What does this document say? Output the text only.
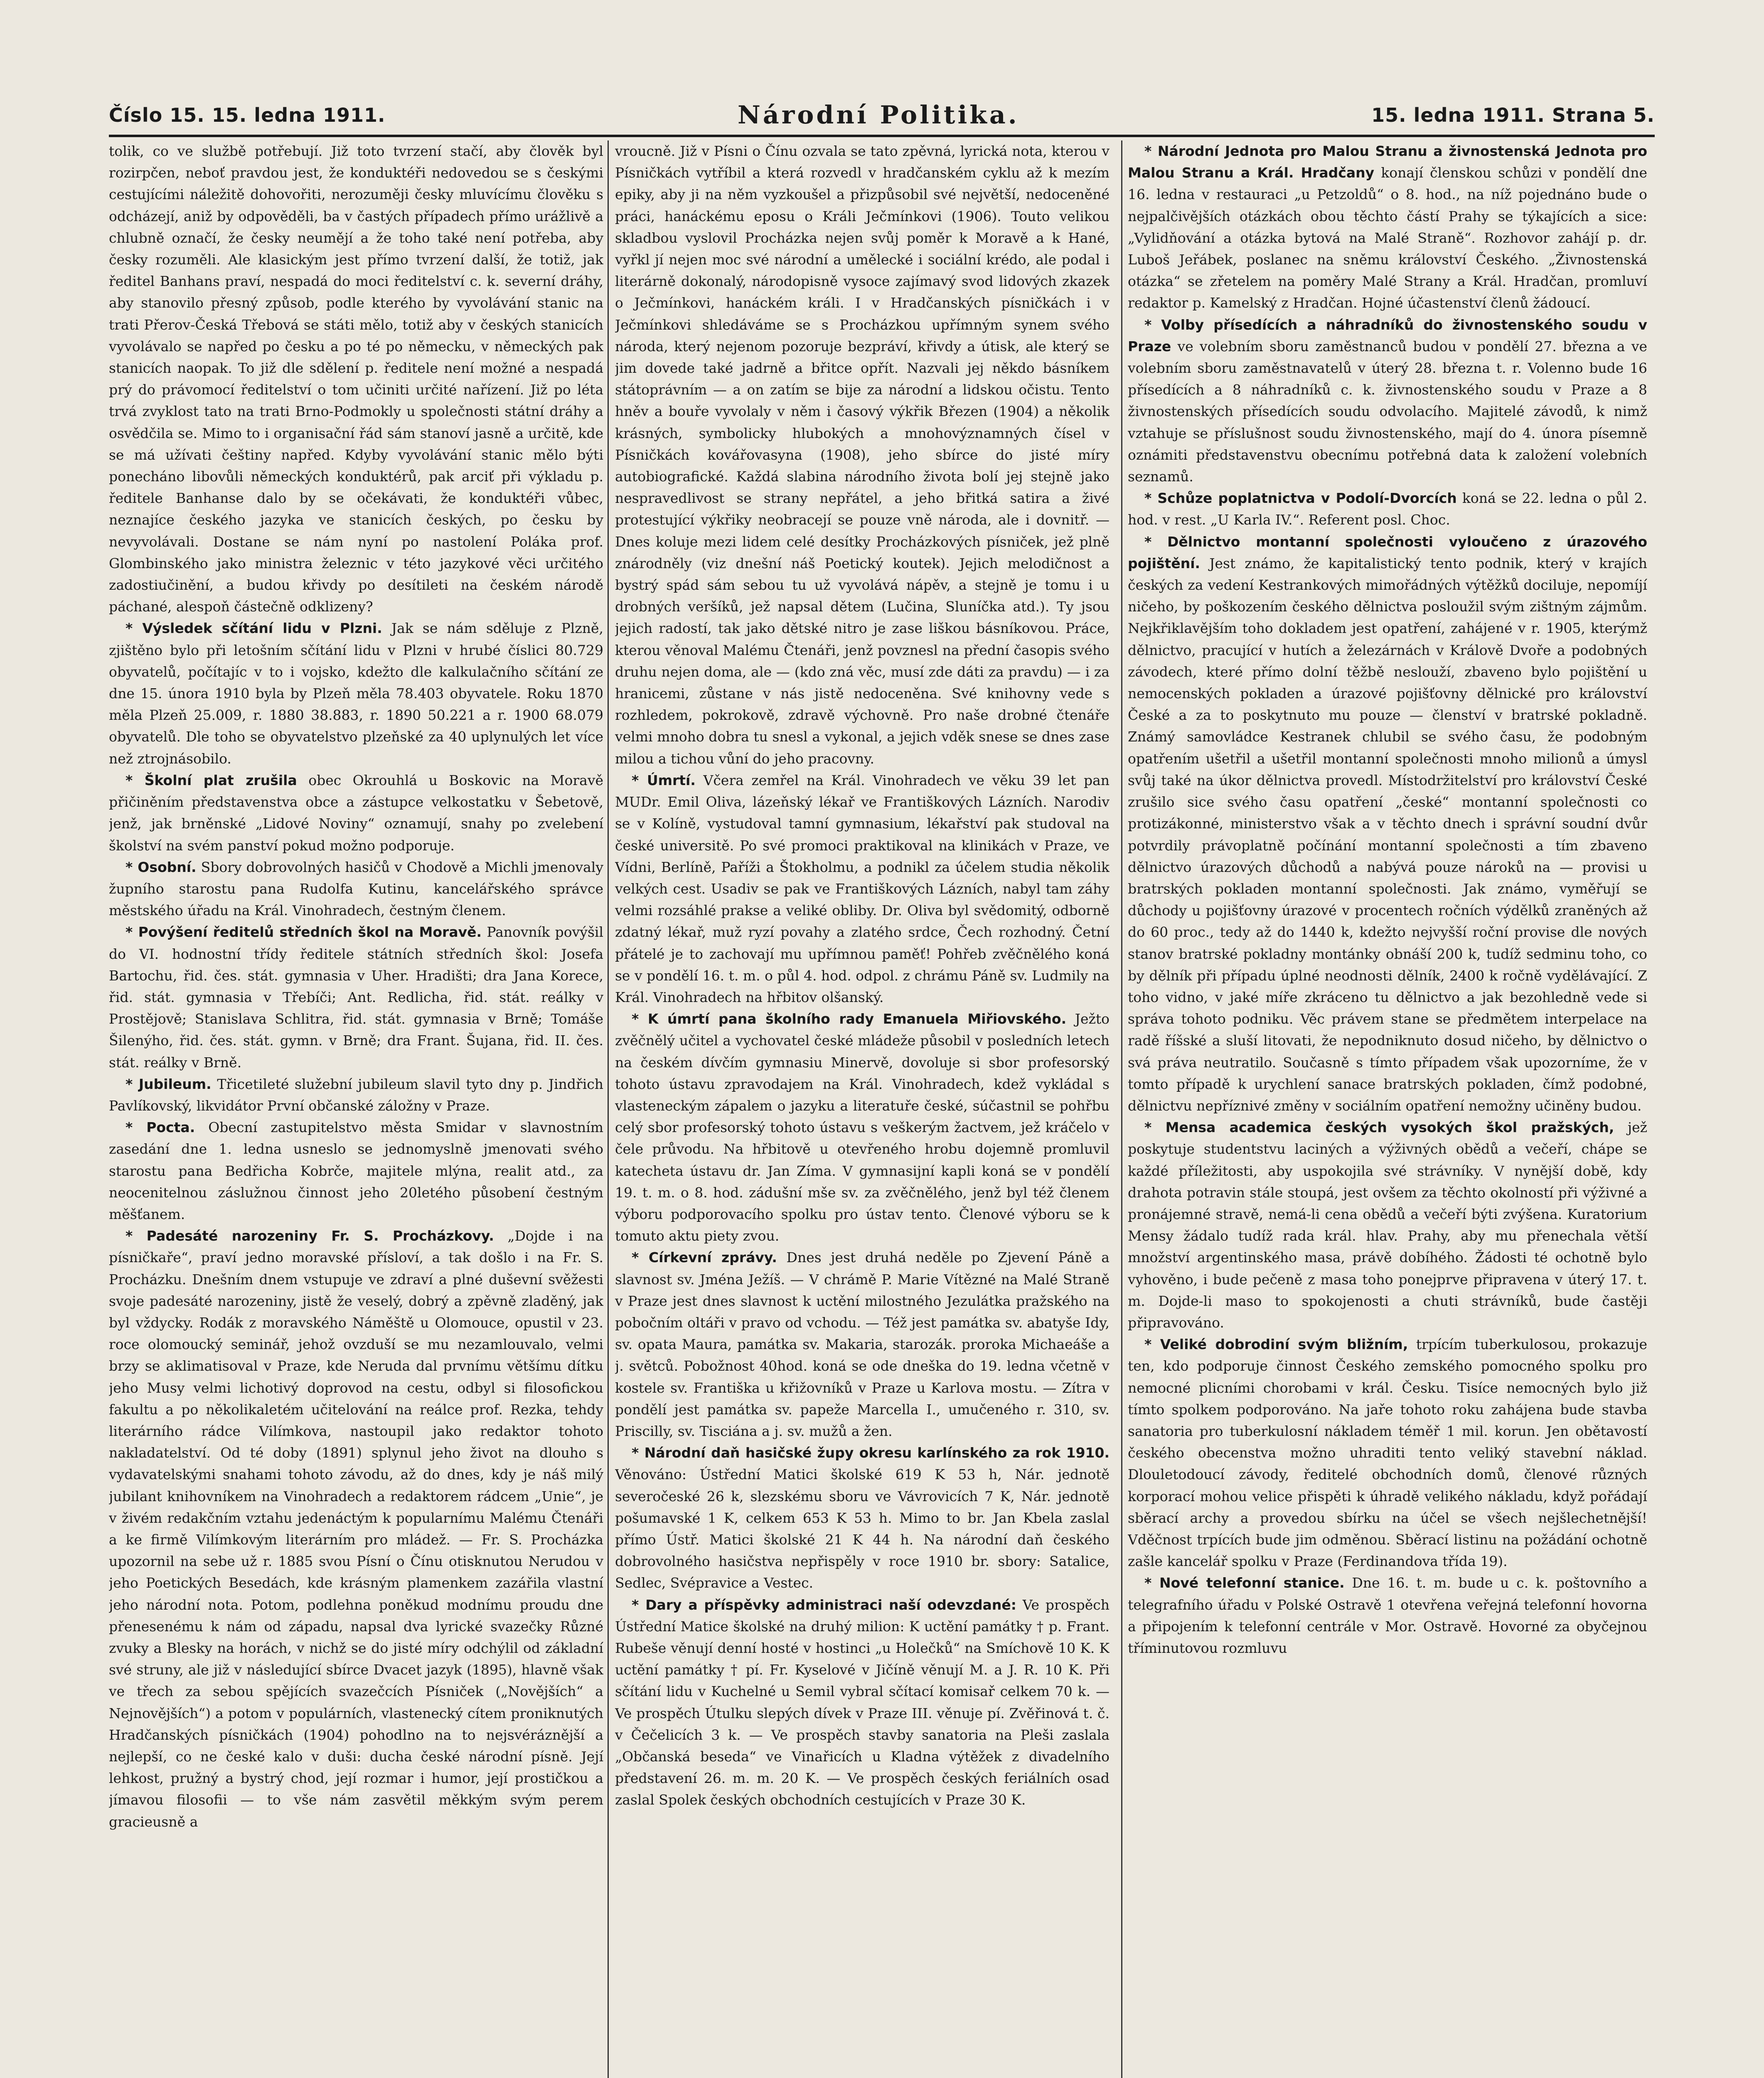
Číslo 15. 15. ledna 1911.	Národní Politika.	15. ledna 1911. Strana 5.

tolik, co ve službě potřebují. Již toto tvrzení stačí, aby člověk byl rozirpčen, neboť pravdou jest, že konduktéři nedovedou se s českými cestujícími náležitě dohovořiti, nerozuměji česky mluvícímu člověku s odcházejí, aniž by odpověděli, ba v častých případech přímo urážlivě a chlubně označí, že česky neumějí a že toho také není potřeba, aby česky rozuměli. Ale klasickým jest přímo tvrzení další, že totiž, jak ředitel Banhans praví, nespadá do moci ředitelství c. k. severní dráhy, aby stanovilo přesný způsob, podle kterého by vyvolávání stanic na trati Přerov-Česká Třebová se státi mělo, totiž aby v českých stanicích vyvolávalo se napřed po česku a po té po německu, v německých pak stanicích naopak. To již dle sdělení p. ředitele není možné a nespadá prý do právomocí ředitelství o tom učiniti určité nařízení. Již po léta trvá zvyklost tato na trati Brno-Podmokly u společnosti státní dráhy a osvědčila se. Mimo to i organisační řád sám stanoví jasně a určitě, kde se má užívati češtiny napřed. Kdyby vyvolávání stanic mělo býti ponecháno libovůli německých konduktérů, pak arciť při výkladu p. ředitele Banhanse dalo by se očekávati, že konduktéři vůbec, neznajíce českého jazyka ve stanicích českých, po česku by nevyvolávali. Dostane se nám nyní po nastolení Poláka prof. Glombinského jako ministra železnic v této jazykové věci určitého zadostiučinění, a budou křivdy po desítileti na českém národě páchané, alespoň částečně odklizeny?

* Výsledek sčítání lidu v Plzni. Jak se nám sděluje z Plzně, zjištěno bylo při letošním sčítání lidu v Plzni v hrubé číslici 80.729 obyvatelů, počítajíc v to i vojsko, kdežto dle kalkulačního sčítání ze dne 15. února 1910 byla by Plzeň měla 78.403 obyvatele. Roku 1870 měla Plzeň 25.009, r. 1880 38.883, r. 1890 50.221 a r. 1900 68.079 obyvatelů. Dle toho se obyvatelstvo plzeňské za 40 uplynulých let více než ztrojnásobilo.

* Školní plat zrušila obec Okrouhlá u Boskovic na Moravě přičiněním představenstva obce a zástupce velkostatku v Šebetově, jenž, jak brněnské „Lidové Noviny“ oznamují, snahy po zvelebení školství na svém panství pokud možno podporuje.

* Osobní. Sbory dobrovolných hasičů v Chodově a Michli jmenovaly župního starostu pana Rudolfa Kutinu, kancelářského správce městského úřadu na Král. Vinohradech, čestným členem.

* Povýšení ředitelů středních škol na Moravě. Panovník povýšil do VI. hodnostní třídy ředitele státních středních škol: Josefa Bartochu, řid. čes. stát. gymnasia v Uher. Hradišti; dra Jana Korece, řid. stát. gymnasia v Třebíči; Ant. Redlicha, řid. stát. reálky v Prostějově; Stanislava Schlitra, řid. stát. gymnasia v Brně; Tomáše Šilenýho, řid. čes. stát. gymn. v Brně; dra Frant. Šujana, řid. II. čes. stát. reálky v Brně.

* Jubileum. Třicetileté služební jubileum slavil tyto dny p. Jindřich Pavlíkovský, likvidátor První občanské záložny v Praze.

* Pocta. Obecní zastupitelstvo města Smidar v slavnostním zasedání dne 1. ledna usneslo se jednomyslně jmenovati svého starostu pana Bedřicha Kobrče, majitele mlýna, realit atd., za neocenitelnou záslužnou činnost jeho 20letého působení čestným měšťanem.

* Padesáté narozeniny Fr. S. Procházkovy. „Dojde i na písničkaře“, praví jedno moravské přísloví, a tak došlo i na Fr. S. Procházku. Dnešním dnem vstupuje ve zdraví a plné duševní svěžesti svoje padesáté narozeniny, jistě že veselý, dobrý a zpěvně zladěný, jak byl vždycky. Rodák z moravského Náměště u Olomouce, opustil v 23. roce olomoucký seminář, jehož ovzduší se mu nezamlouvalo, velmi brzy se aklimatisoval v Praze, kde Neruda dal prvnímu většímu dítku jeho Musy velmi lichotivý doprovod na cestu, odbyl si filosofickou fakultu a po několikaletém učitelování na reálce prof. Rezka, tehdy literárního rádce Vilímkova, nastoupil jako redaktor tohoto nakladatelství. Od té doby (1891) splynul jeho život na dlouho s vydavatelskými snahami tohoto závodu, až do dnes, kdy je náš milý jubilant knihovníkem na Vinohradech a redaktorem rádcem „Unie“, je v živém redakčním vztahu jedenáctým k popularnímu Malému Čtenáři a ke firmě Vilímkovým literárním pro mládež. — Fr. S. Procházka upozornil na sebe už r. 1885 svou Písní o Čínu otisknutou Nerudou v jeho Poetických Besedách, kde krásným plamenkem zazářila vlastní jeho národní nota. Potom, podlehna poněkud modnímu proudu dne přenesenému k nám od západu, napsal dva lyrické svazečky Různé zvuky a Blesky na horách, v nichž se do jisté míry odchýlil od základní své struny, ale již v následující sbírce Dvacet jazyk (1895), hlavně však ve třech za sebou spějících svazečcích Písniček („Novějších“ a Nejnovějších“) a potom v populárních, vlastenecký cítem proniknutých Hradčanských písničkách (1904) pohodlno na to nejsvéráznější a nejlepší, co ne české kalo v duši: ducha české národní písně. Její lehkost, pružný a bystrý chod, její rozmar i humor, její prostičkou a jímavou filosofii — to vše nám zasvětil měkkým svým perem gracieusně a

vroucně. Již v Písni o Čínu ozvala se tato zpěvná, lyrická nota, kterou v Písničkách vytříbil a která rozvedl v hradčanském cyklu až k mezím epiky, aby ji na něm vyzkoušel a přizpůsobil své největší, nedoceněné práci, hanáckému eposu o Králi Ječmínkovi (1906). Touto velikou skladbou vyslovil Procházka nejen svůj poměr k Moravě a k Hané, vyřkl jí nejen moc své národní a umělecké i sociální krédo, ale podal i literárně dokonalý, národopisně vysoce zajímavý svod lidových zkazek o Ječmínkovi, hanáckém králi. I v Hradčanských písničkách i v Ječmínkovi shledáváme se s Procházkou upřímným synem svého národa, který nejenom pozoruje bezpráví, křivdy a útisk, ale který se jim dovede také jadrně a břitce opřít. Nazvali jej někdo básníkem státoprávním — a on zatím se bije za národní a lidskou očistu. Tento hněv a bouře vyvolaly v něm i časový výkřik Březen (1904) a několik krásných, symbolicky hlubokých a mnohovýznamných čísel v Písničkách kovářovasyna (1908), jeho sbírce do jisté míry autobiografické. Každá slabina národního života bolí jej stejně jako nespravedlivost se strany nepřátel, a jeho břitká satira a živé protestující výkřiky neobracejí se pouze vně národa, ale i dovnitř. — Dnes koluje mezi lidem celé desítky Procházkových písniček, jež plně znárodněly (viz dnešní náš Poetický koutek). Jejich melodičnost a bystrý spád sám sebou tu už vyvolává nápěv, a stejně je tomu i u drobných veršíků, jež napsal dětem (Lučina, Sluníčka atd.). Ty jsou jejich radostí, tak jako dětské nitro je zase liškou básníkovou. Práce, kterou věnoval Malému Čtenáři, jenž povznesl na přední časopis svého druhu nejen doma, ale — (kdo zná věc, musí zde dáti za pravdu) — i za hranicemi, zůstane v nás jistě nedoceněna. Své knihovny vede s rozhledem, pokrokově, zdravě výchovně. Pro naše drobné čtenáře velmi mnoho dobra tu snesl a vykonal, a jejich vděk snese se dnes zase milou a tichou vůní do jeho pracovny.

* Úmrtí. Včera zemřel na Král. Vinohradech ve věku 39 let pan MUDr. Emil Oliva, lázeňský lékař ve Františkových Lázních. Narodiv se v Kolíně, vystudoval tamní gymnasium, lékařství pak studoval na české universitě. Po své promoci praktikoval na klinikách v Praze, ve Vídni, Berlíně, Paříži a Štokholmu, a podnikl za účelem studia několik velkých cest. Usadiv se pak ve Františkových Lázních, nabyl tam záhy velmi rozsáhlé prakse a veliké obliby. Dr. Oliva byl svědomitý, odborně zdatný lékař, muž ryzí povahy a zlatého srdce, Čech rozhodný. Četní přátelé je to zachovají mu upřímnou paměť! Pohřeb zvěčnělého koná se v pondělí 16. t. m. o půl 4. hod. odpol. z chrámu Páně sv. Ludmily na Král. Vinohradech na hřbitov olšanský.

* K úmrtí pana školního rady Emanuela Miřiovského. Ježto zvěčnělý učitel a vychovatel české mládeže působil v posledních letech na českém dívčím gymnasiu Minervě, dovoluje si sbor profesorský tohoto ústavu zpravodajem na Král. Vinohradech, kdež vykládal s vlasteneckým zápalem o jazyku a literatuře české, súčastnil se pohřbu celý sbor profesorský tohoto ústavu s veškerým žactvem, jež kráčelo v čele průvodu. Na hřbitově u otevřeného hrobu dojemně promluvil katecheta ústavu dr. Jan Zíma. V gymnasijní kapli koná se v pondělí 19. t. m. o 8. hod. zádušní mše sv. za zvěčnělého, jenž byl též členem výboru podporovacího spolku pro ústav tento. Členové výboru se k tomuto aktu piety zvou.

* Církevní zprávy. Dnes jest druhá neděle po Zjevení Páně a slavnost sv. Jména Ježíš. — V chrámě P. Marie Vítězné na Malé Straně v Praze jest dnes slavnost k uctění milostného Jezulátka pražského na pobočním oltáři v pravo od vchodu. — Též jest památka sv. abatyše Idy, sv. opata Maura, památka sv. Makaria, starozák. proroka Michaeáše a j. světců. Pobožnost 40hod. koná se ode dneška do 19. ledna včetně v kostele sv. Františka u křižovníků v Praze u Karlova mostu. — Zítra v pondělí jest památka sv. papeže Marcella I., umučeného r. 310, sv. Priscilly, sv. Tisciána a j. sv. mužů a žen.

* Národní daň hasičské župy okresu karlínského za rok 1910. Věnováno: Ústřední Matici školské 619 K 53 h, Nár. jednotě severočeské 26 k, slezskému sboru ve Vávrovicích 7 K, Nár. jednotě pošumavské 1 K, celkem 653 K 53 h. Mimo to br. Jan Kbela zaslal přímo Ústř. Matici školské 21 K 44 h. Na národní daň českého dobrovolného hasičstva nepřispěly v roce 1910 br. sbory: Satalice, Sedlec, Svépravice a Vestec.

* Dary a příspěvky administraci naší odevzdané: Ve prospěch Ústřední Matice školské na druhý milion: K uctění památky † p. Frant. Rubeše věnují denní hosté v hostinci „u Holečků“ na Smíchově 10 K. K uctění památky † pí. Fr. Kyselové v Jičíně věnují M. a J. R. 10 K. Při sčítání lidu v Kuchelné u Semil vybral sčítací komisař celkem 70 k. — Ve prospěch Útulku slepých dívek v Praze III. věnuje pí. Zvěřinová t. č. v Čečelicích 3 k. — Ve prospěch stavby sanatoria na Pleši zaslala „Občanská beseda“ ve Vinařicích u Kladna výtěžek z divadelního představení 26. m. m. 20 K. — Ve prospěch českých feriálních osad zaslal Spolek českých obchodních cestujících v Praze 30 K.

* Národní Jednota pro Malou Stranu a živnostenská Jednota pro Malou Stranu a Král. Hradčany konají členskou schůzi v pondělí dne 16. ledna v restauraci „u Petzoldů“ o 8. hod., na níž pojednáno bude o nejpalčivějších otázkách obou těchto částí Prahy se týkajících a sice: „Vylidňování a otázka bytová na Malé Straně“. Rozhovor zahájí p. dr. Luboš Jeřábek, poslanec na sněmu království Českého. „Živnostenská otázka“ se zřetelem na poměry Malé Strany a Král. Hradčan, promluví redaktor p. Kamelský z Hradčan. Hojné účastenství členů žádoucí.

* Volby přísedících a náhradníků do živnostenského soudu v Praze ve volebním sboru zaměstnanců budou v pondělí 27. března a ve volebním sboru zaměstnavatelů v úterý 28. března t. r. Volenno bude 16 přísedících a 8 náhradníků c. k. živnostenského soudu v Praze a 8 živnostenských přísedících soudu odvolacího. Majitelé závodů, k nimž vztahuje se příslušnost soudu živnostenského, mají do 4. února písemně oznámiti představenstvu obecnímu potřebná data k založení volebních seznamů.

* Schůze poplatnictva v Podolí-Dvorcích koná se 22. ledna o půl 2. hod. v rest. „U Karla IV.“. Referent posl. Choc.

* Dělnictvo montanní společnosti vyloučeno z úrazového pojištění. Jest známo, že kapitalistický tento podnik, který v krajích českých za vedení Kestrankových mimořádných výtěžků dociluje, nepomíjí ničeho, by poškozením českého dělnictva posloužil svým zištným zájmům. Nejkřiklavějším toho dokladem jest opatření, zahájené v r. 1905, kterýmž dělnictvo, pracující v hutích a železárnách v Králově Dvoře a podobných závodech, které přímo dolní těžbě neslouží, zbaveno bylo pojištění u nemocenských pokladen a úrazové pojišťovny dělnické pro království České a za to poskytnuto mu pouze — členství v bratrské pokladně. Známý samovládce Kestranek chlubil se svého času, že podobným opatřením ušetřil a ušetřil montanní společnosti mnoho milionů a úmysl svůj také na úkor dělnictva provedl. Místodržitelství pro království České zrušilo sice svého času opatření „české“ montanní společnosti co protizákonné, ministerstvo však a v těchto dnech i správní soudní dvůr potvrdily právoplatně počínání montanní společnosti a tím zbaveno dělnictvo úrazových důchodů a nabývá pouze nároků na — provisi u bratrských pokladen montanní společnosti. Jak známo, vyměřují se důchody u pojišťovny úrazové v procentech ročních výdělků zraněných až do 60 proc., tedy až do 1440 k, kdežto nejvyšší roční provise dle nových stanov bratrské pokladny montánky obnáší 200 k, tudíž sedminu toho, co by dělník při případu úplné neodnosti dělník, 2400 k ročně vydělávající. Z toho vidno, v jaké míře zkráceno tu dělnictvo a jak bezohledně vede si správa tohoto podniku. Věc právem stane se předmětem interpelace na radě říšské a sluší litovati, že nepodniknuto dosud ničeho, by dělnictvo o svá práva neutratilo. Současně s tímto případem však upozorníme, že v tomto případě k urychlení sanace bratrských pokladen, čímž podobné, dělnictvu nepříznivé změny v sociálním opatření nemožny učiněny budou.

* Mensa academica českých vysokých škol pražských, jež poskytuje studentstvu laciných a výživných obědů a večeří, chápe se každé příležitosti, aby uspokojila své strávníky. V nynější době, kdy drahota potravin stále stoupá, jest ovšem za těchto okolností při výživné a pronájemné stravě, nemá-li cena obědů a večeří býti zvýšena. Kuratorium Mensy žádalo tudíž rada král. hlav. Prahy, aby mu přenechala větší množství argentinského masa, právě dobíhého. Žádosti té ochotně bylo vyhověno, i bude pečeně z masa toho ponejprve připravena v úterý 17. t. m. Dojde-li maso to spokojenosti a chuti strávníků, bude častěji připravováno.

* Veliké dobrodiní svým bližním, trpícím tuberkulosou, prokazuje ten, kdo podporuje činnost Českého zemského pomocného spolku pro nemocné plicními chorobami v král. Česku. Tisíce nemocných bylo již tímto spolkem podporováno. Na jaře tohoto roku zahájena bude stavba sanatoria pro tuberkulosní nákladem téměř 1 mil. korun. Jen obětavostí českého obecenstva možno uhraditi tento veliký stavební náklad. Dlouletodoucí závody, ředitelé obchodních domů, členové různých korporací mohou velice přispěti k úhradě velikého nákladu, když pořádají sběrací archy a provedou sbírku na účel se všech nejšlechetnější! Vděčnost trpících bude jim odměnou. Sběrací listinu na požádání ochotně zašle kancelář spolku v Praze (Ferdinandova třída 19).

* Nové telefonní stanice. Dne 16. t. m. bude u c. k. poštovního a telegrafního úřadu v Polské Ostravě 1 otevřena veřejná telefonní hovorna a připojením k telefonní centrále v Mor. Ostravě. Hovorné za obyčejnou tříminutovou rozmluvu
